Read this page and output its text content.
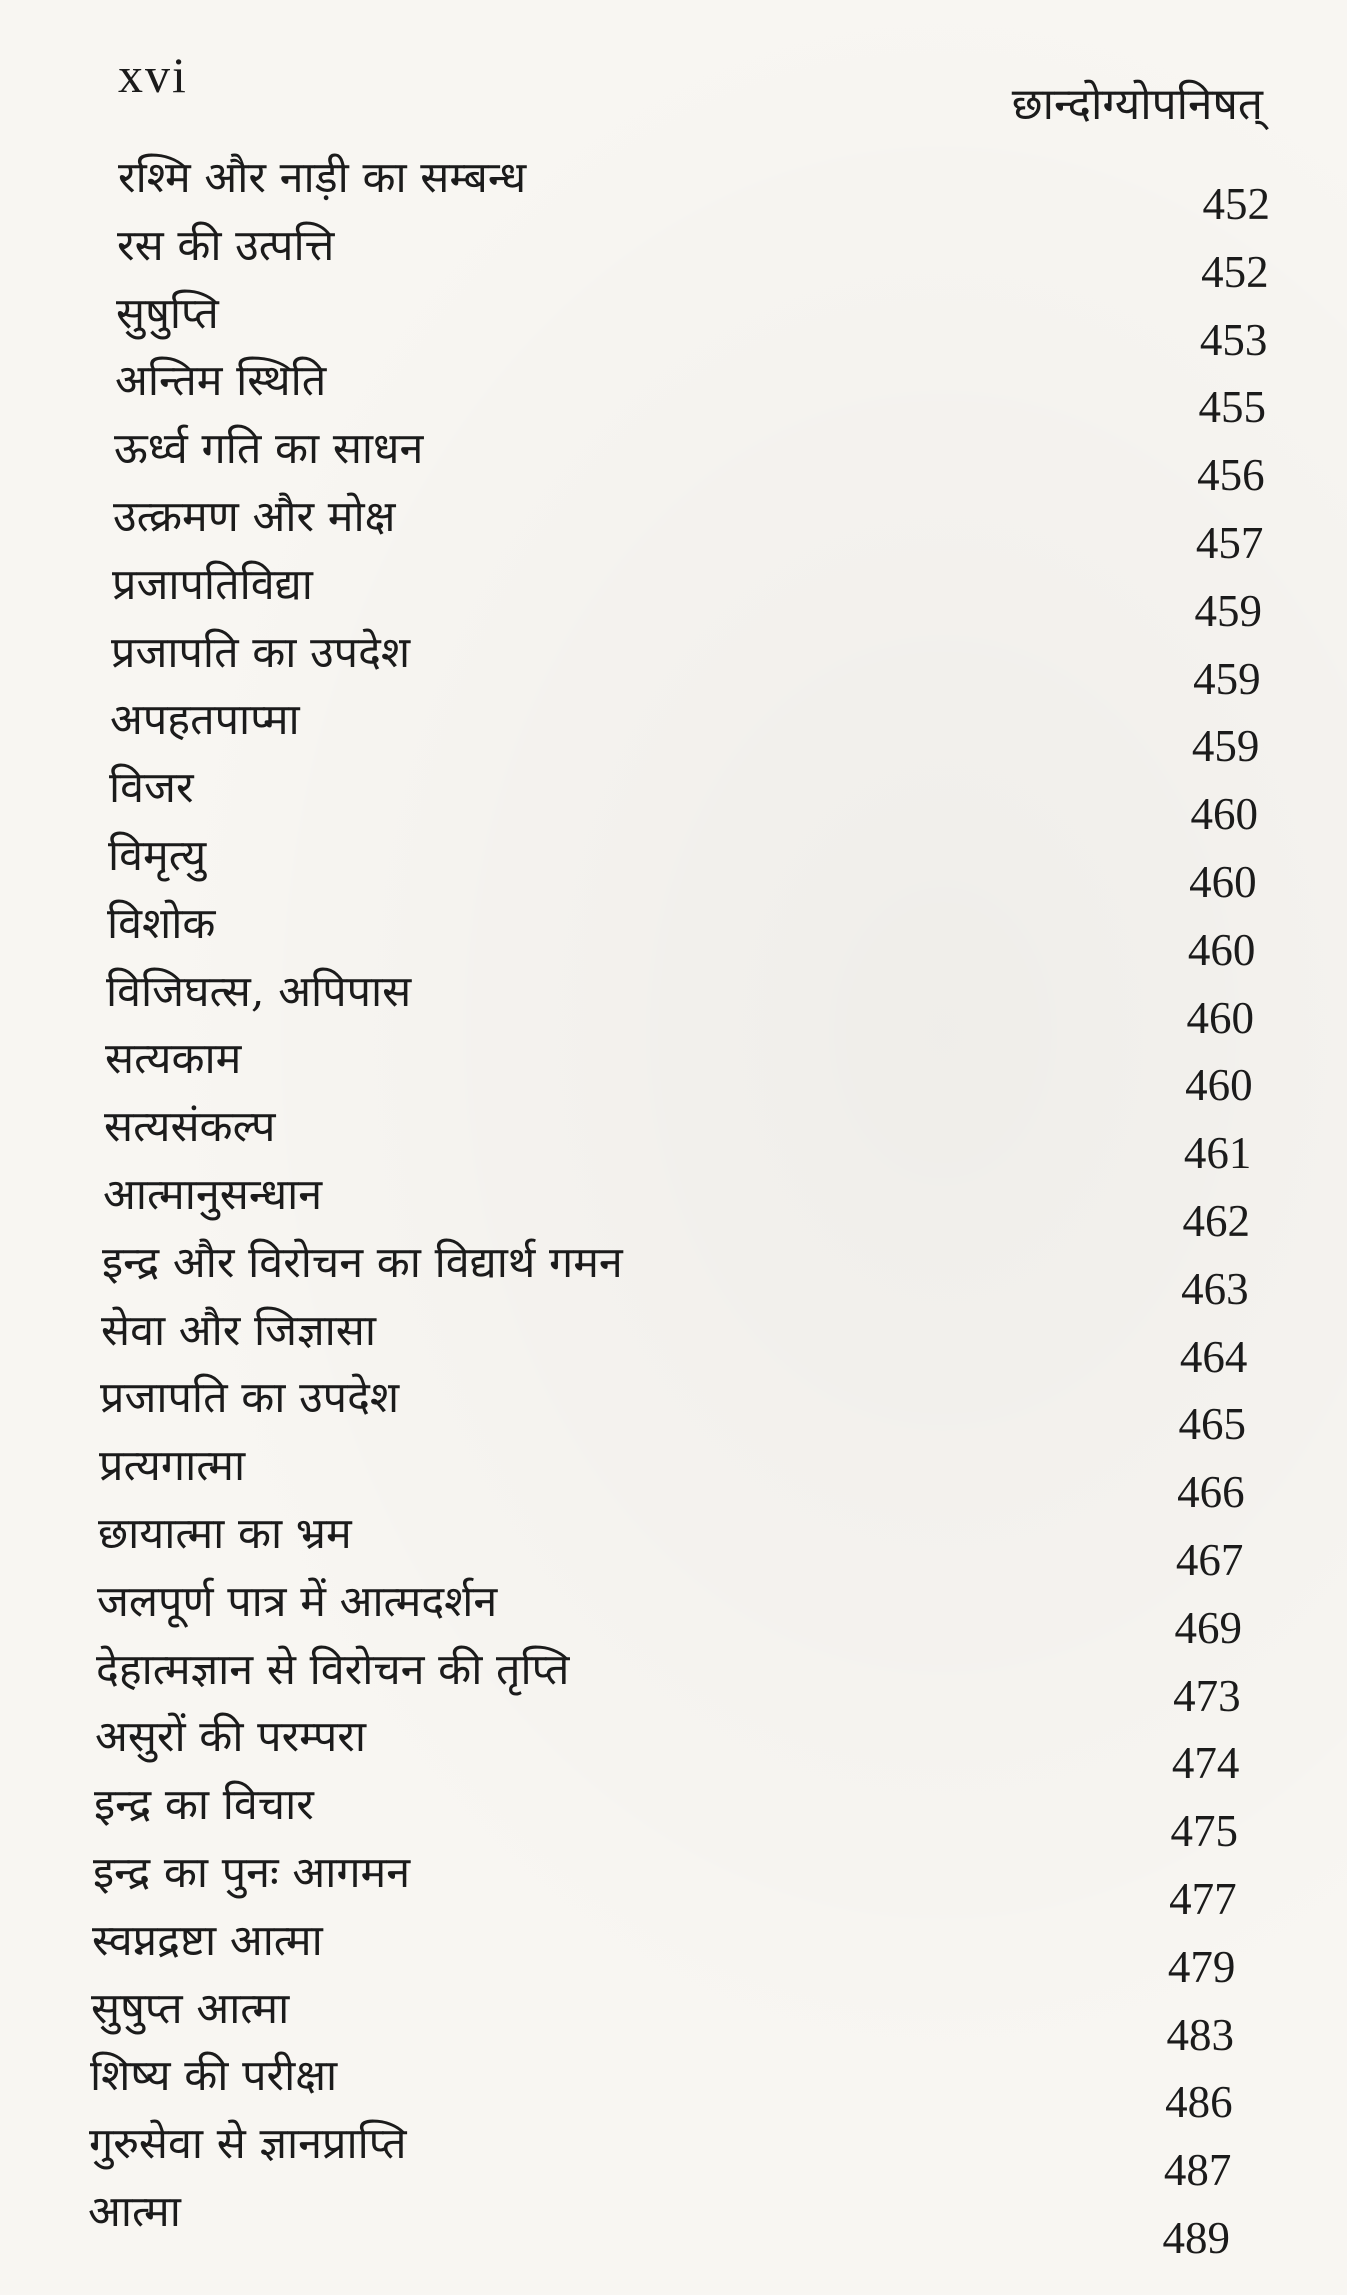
xvi
छान्दोग्योपनिषत्
रश्मि और नाड़ी का सम्बन्ध
452
रस की उत्पत्ति
452
सुषुप्ति
453
अन्तिम स्थिति
455
ऊर्ध्व गति का साधन
456
उत्क्रमण और मोक्ष
457
प्रजापतिविद्या
459
प्रजापति का उपदेश
459
अपहतपाप्मा
459
विजर
460
विमृत्यु
460
विशोक
460
विजिघत्स, अपिपास
460
सत्यकाम
460
सत्यसंकल्प
461
आत्मानुसन्धान
462
इन्द्र और विरोचन का विद्यार्थ गमन
463
सेवा और जिज्ञासा
464
प्रजापति का उपदेश
465
प्रत्यगात्मा
466
छायात्मा का भ्रम
467
जलपूर्ण पात्र में आत्मदर्शन
469
देहात्मज्ञान से विरोचन की तृप्ति
473
असुरों की परम्परा
474
इन्द्र का विचार
475
इन्द्र का पुनः आगमन
477
स्वप्नद्रष्टा आत्मा
479
सुषुप्त आत्मा
483
शिष्य की परीक्षा
486
गुरुसेवा से ज्ञानप्राप्ति
487
आत्मा
489
